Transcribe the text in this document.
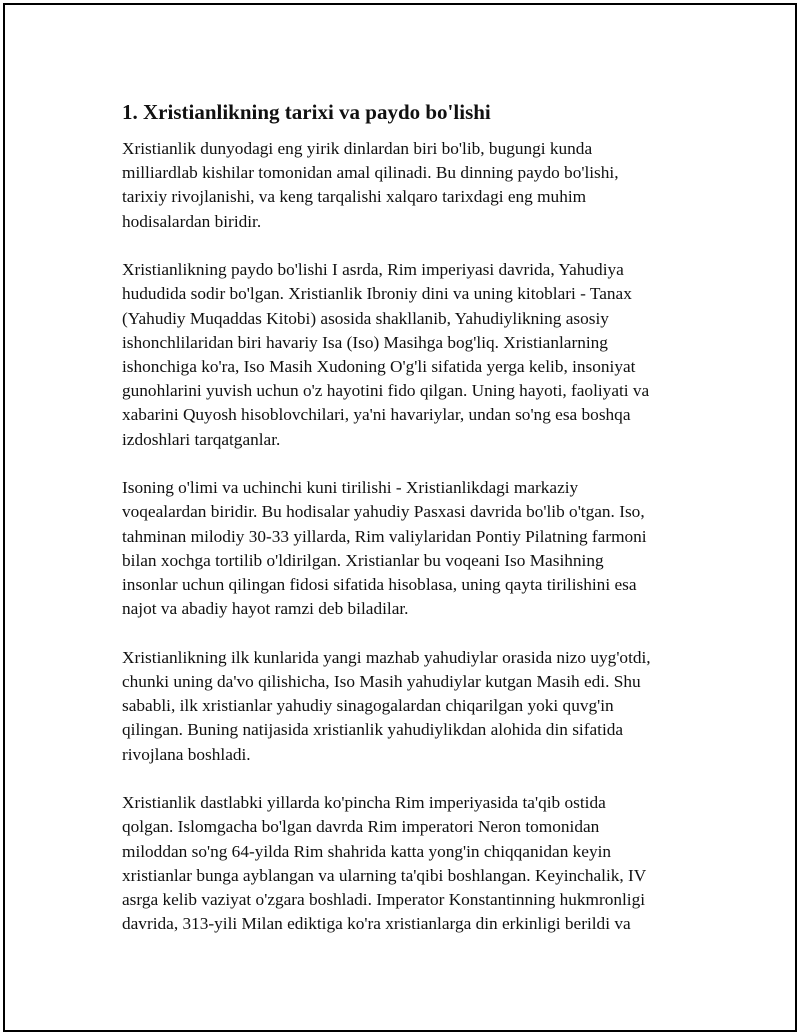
1. Xristianlikning tarixi va paydo bo'lishi
Xristianlik dunyodagi eng yirik dinlardan biri bo'lib, bugungi kunda
milliardlab kishilar tomonidan amal qilinadi. Bu dinning paydo bo'lishi,
tarixiy rivojlanishi, va keng tarqalishi xalqaro tarixdagi eng muhim
hodisalardan biridir.
Xristianlikning paydo bo'lishi I asrda, Rim imperiyasi davrida, Yahudiya
hududida sodir bo'lgan. Xristianlik Ibroniy dini va uning kitoblari - Tanax
(Yahudiy Muqaddas Kitobi) asosida shakllanib, Yahudiylikning asosiy
ishonchlilaridan biri havariy Isa (Iso) Masihga bog'liq. Xristianlarning
ishonchiga ko'ra, Iso Masih Xudoning O'g'li sifatida yerga kelib, insoniyat
gunohlarini yuvish uchun o'z hayotini fido qilgan. Uning hayoti, faoliyati va
xabarini Quyosh hisoblovchilari, ya'ni havariylar, undan so'ng esa boshqa
izdoshlari tarqatganlar.
Isoning o'limi va uchinchi kuni tirilishi - Xristianlikdagi markaziy
voqealardan biridir. Bu hodisalar yahudiy Pasxasi davrida bo'lib o'tgan. Iso,
tahminan milodiy 30-33 yillarda, Rim valiylaridan Pontiy Pilatning farmoni
bilan xochga tortilib o'ldirilgan. Xristianlar bu voqeani Iso Masihning
insonlar uchun qilingan fidosi sifatida hisoblasa, uning qayta tirilishini esa
najot va abadiy hayot ramzi deb biladilar.
Xristianlikning ilk kunlarida yangi mazhab yahudiylar orasida nizo uyg'otdi,
chunki uning da'vo qilishicha, Iso Masih yahudiylar kutgan Masih edi. Shu
sababli, ilk xristianlar yahudiy sinagogalardan chiqarilgan yoki quvg'in
qilingan. Buning natijasida xristianlik yahudiylikdan alohida din sifatida
rivojlana boshladi.
Xristianlik dastlabki yillarda ko'pincha Rim imperiyasida ta'qib ostida
qolgan. Islomgacha bo'lgan davrda Rim imperatori Neron tomonidan
miloddan so'ng 64-yilda Rim shahrida katta yong'in chiqqanidan keyin
xristianlar bunga ayblangan va ularning ta'qibi boshlangan. Keyinchalik, IV
asrga kelib vaziyat o'zgara boshladi. Imperator Konstantinning hukmronligi
davrida, 313-yili Milan ediktiga ko'ra xristianlarga din erkinligi berildi va
